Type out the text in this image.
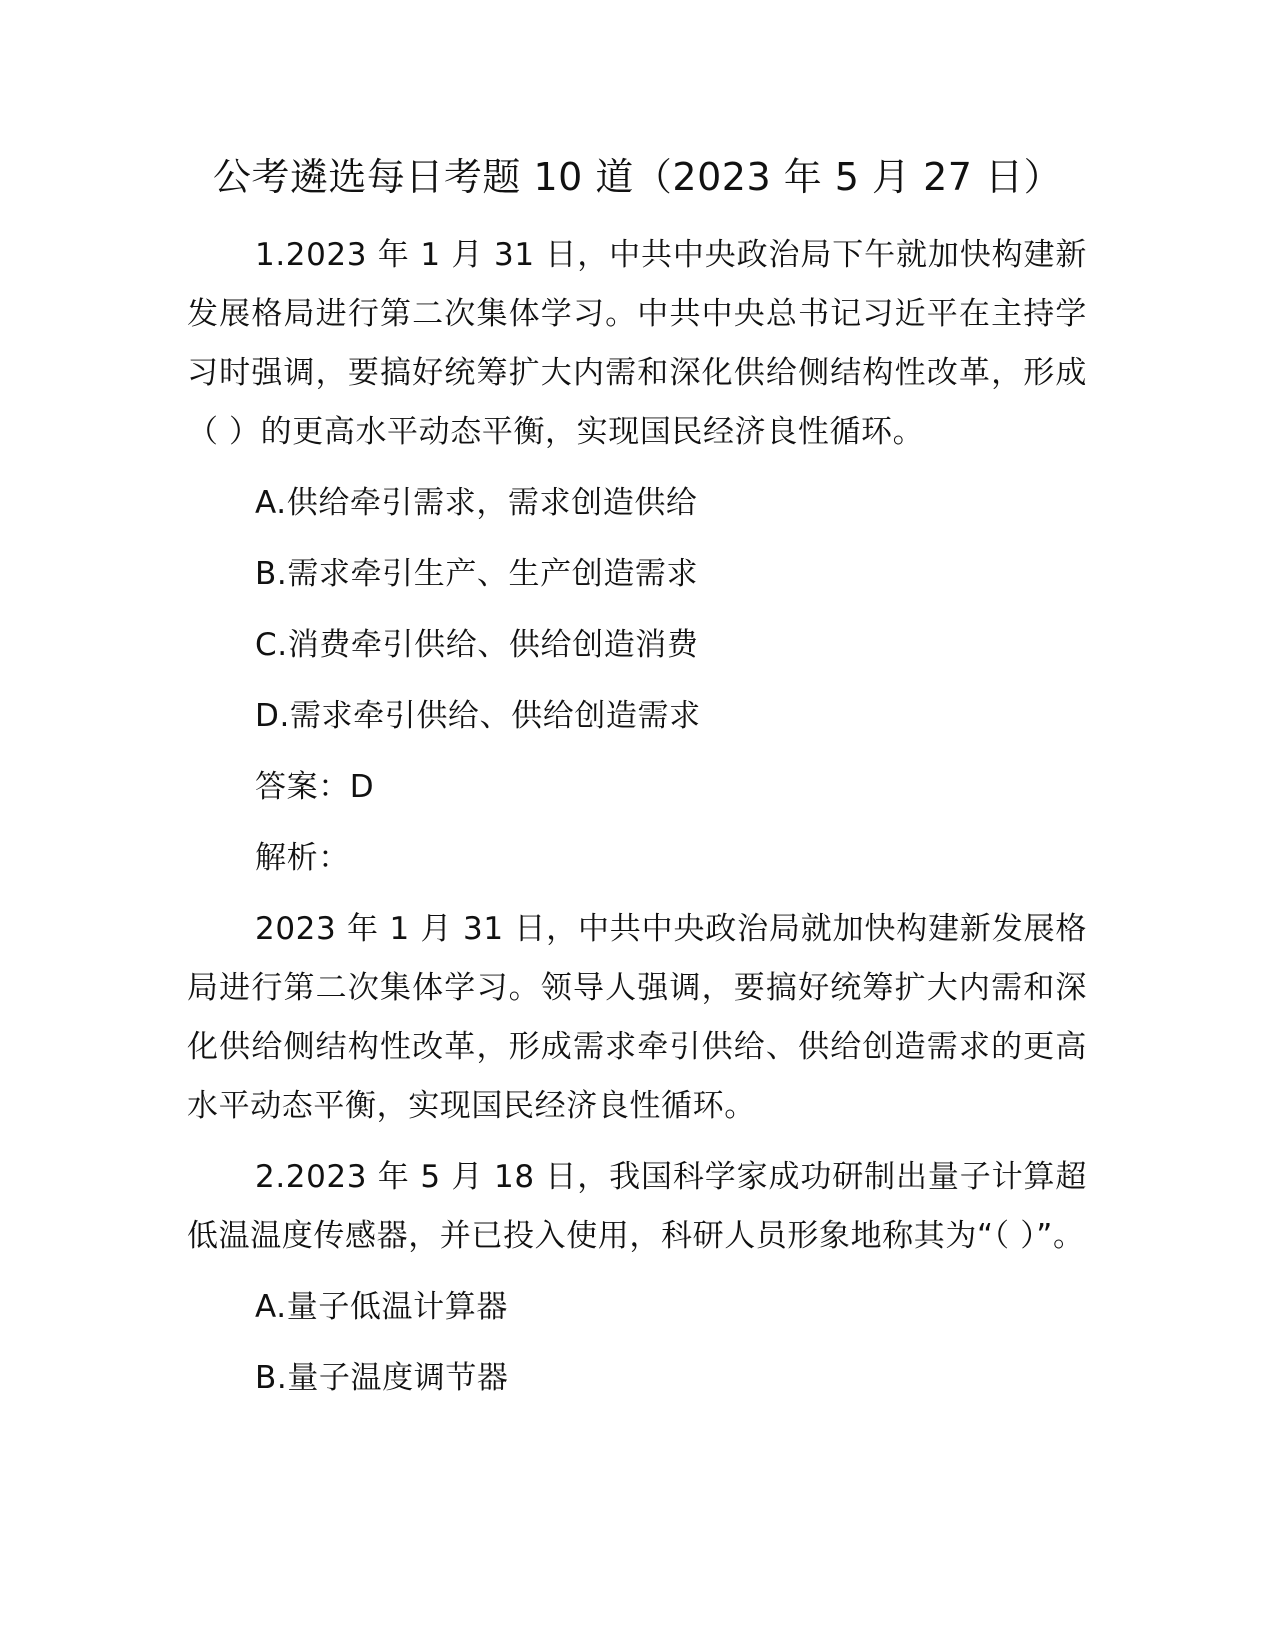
公考遴选每日考题 10 道（2023 年 5 月 27 日）
1.2023 年 1 月 31 日，中共中央政治局下午就加快构建新发展格局进行第二次集体学习。中共中央总书记习近平在主持学习时强调，要搞好统筹扩大内需和深化供给侧结构性改革，形成（ ）的更高水平动态平衡，实现国民经济良性循环。
A.供给牵引需求，需求创造供给
B.需求牵引生产、生产创造需求
C.消费牵引供给、供给创造消费
D.需求牵引供给、供给创造需求
答案：D
解析：
2023 年 1 月 31 日，中共中央政治局就加快构建新发展格局进行第二次集体学习。领导人强调，要搞好统筹扩大内需和深化供给侧结构性改革，形成需求牵引供给、供给创造需求的更高水平动态平衡，实现国民经济良性循环。
2.2023 年 5 月 18 日，我国科学家成功研制出量子计算超低温温度传感器，并已投入使用，科研人员形象地称其为“（ ）”。
A.量子低温计算器
B.量子温度调节器
